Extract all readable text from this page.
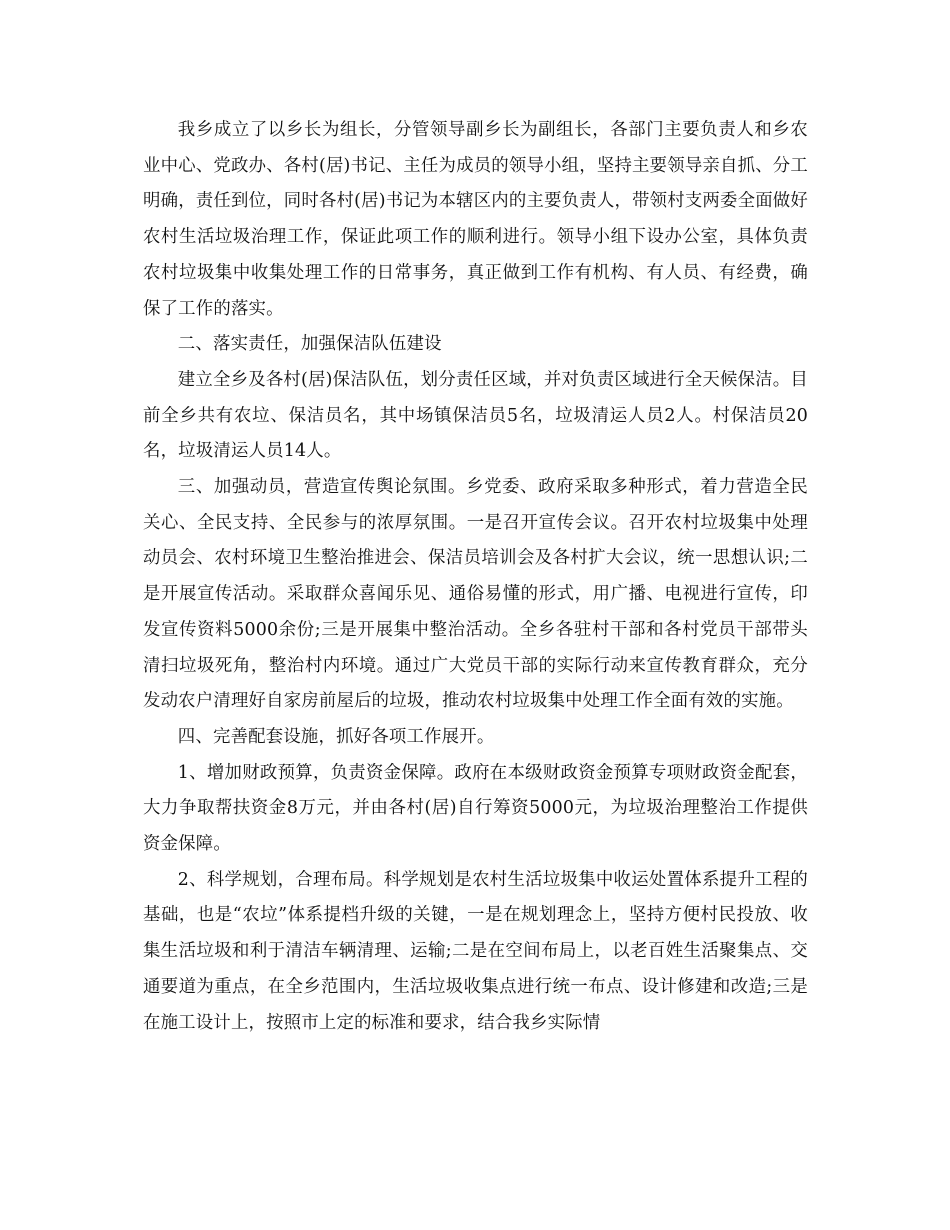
我乡成立了以乡长为组长，分管领导副乡长为副组长，各部门主要负责人和乡农业中心、党政办、各村(居)书记、主任为成员的领导小组，坚持主要领导亲自抓、分工明确，责任到位，同时各村(居)书记为本辖区内的主要负责人，带领村支两委全面做好农村生活垃圾治理工作，保证此项工作的顺利进行。领导小组下设办公室，具体负责农村垃圾集中收集处理工作的日常事务，真正做到工作有机构、有人员、有经费，确保了工作的落实。

二、落实责任，加强保洁队伍建设

建立全乡及各村(居)保洁队伍，划分责任区域，并对负责区域进行全天候保洁。目前全乡共有农垃、保洁员名，其中场镇保洁员5名，垃圾清运人员2人。村保洁员20名，垃圾清运人员14人。

三、加强动员，营造宣传舆论氛围。乡党委、政府采取多种形式，着力营造全民关心、全民支持、全民参与的浓厚氛围。一是召开宣传会议。召开农村垃圾集中处理动员会、农村环境卫生整治推进会、保洁员培训会及各村扩大会议，统一思想认识;二是开展宣传活动。采取群众喜闻乐见、通俗易懂的形式，用广播、电视进行宣传，印发宣传资料5000余份;三是开展集中整治活动。全乡各驻村干部和各村党员干部带头清扫垃圾死角，整治村内环境。通过广大党员干部的实际行动来宣传教育群众，充分发动农户清理好自家房前屋后的垃圾，推动农村垃圾集中处理工作全面有效的实施。

四、完善配套设施，抓好各项工作展开。

1、增加财政预算，负责资金保障。政府在本级财政资金预算专项财政资金配套，大力争取帮扶资金8万元，并由各村(居)自行筹资5000元，为垃圾治理整治工作提供资金保障。

2、科学规划，合理布局。科学规划是农村生活垃圾集中收运处置体系提升工程的基础，也是“农垃”体系提档升级的关键，一是在规划理念上，坚持方便村民投放、收集生活垃圾和利于清洁车辆清理、运输;二是在空间布局上，以老百姓生活聚集点、交通要道为重点，在全乡范围内，生活垃圾收集点进行统一布点、设计修建和改造;三是在施工设计上，按照市上定的标准和要求，结合我乡实际情
